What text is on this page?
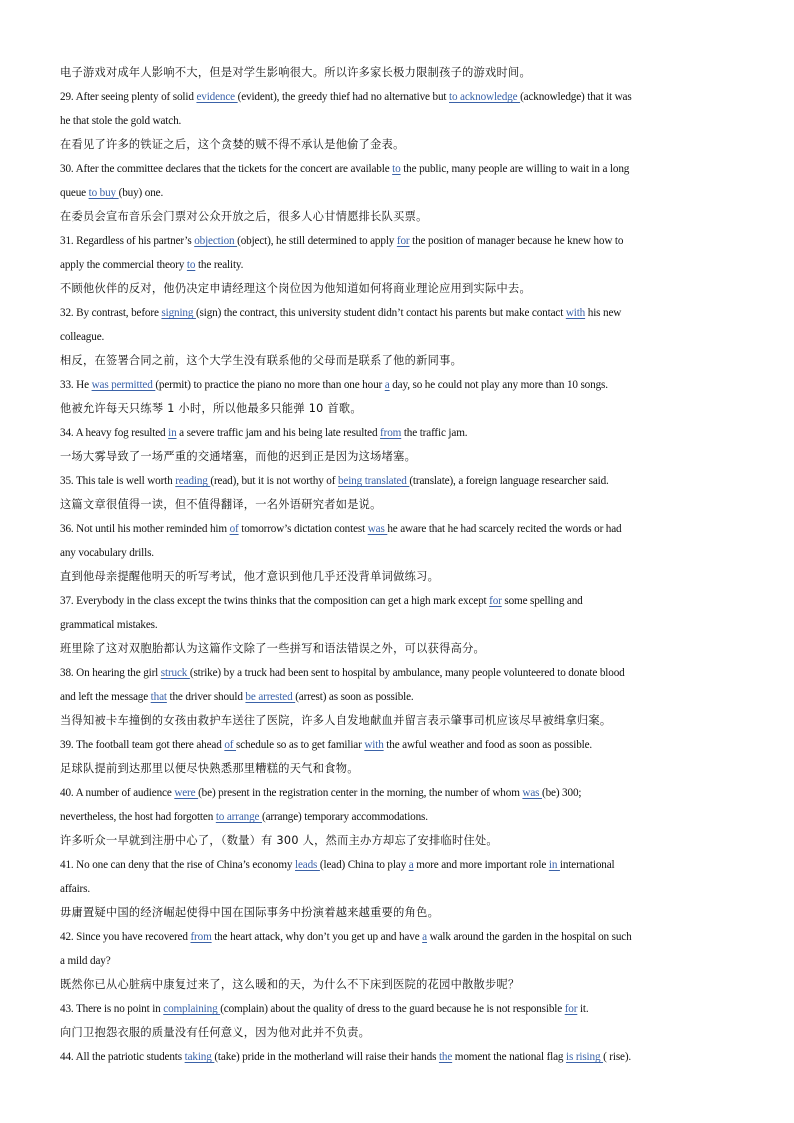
电子游戏对成年人影响不大，但是对学生影响很大。所以许多家长极力限制孩子的游戏时间。
29. After seeing plenty of solid evidence (evident), the greedy thief had no alternative but to acknowledge (acknowledge) that it was
he that stole the gold watch.
在看见了许多的铁证之后，这个贪婪的贼不得不承认是他偷了金表。
30. After the committee declares that the tickets for the concert are available to the public, many people are willing to wait in a long
queue to buy (buy) one.
在委员会宣布音乐会门票对公众开放之后，很多人心甘情愿排长队买票。
31. Regardless of his partner’s objection (object), he still determined to apply for the position of manager because he knew how to
apply the commercial theory to the reality.
不顾他伙伴的反对，他仍决定申请经理这个岗位因为他知道如何将商业理论应用到实际中去。
32. By contrast, before signing (sign) the contract, this university student didn’t contact his parents but make contact with his new
colleague.
相反，在签署合同之前，这个大学生没有联系他的父母而是联系了他的新同事。
33. He was permitted (permit) to practice the piano no more than one hour a day, so he could not play any more than 10 songs.
他被允许每天只练琴 1 小时，所以他最多只能弹 10 首歌。
34. A heavy fog resulted in a severe traffic jam and his being late resulted from the traffic jam.
一场大雾导致了一场严重的交通堵塞，而他的迟到正是因为这场堵塞。
35. This tale is well worth reading (read), but it is not worthy of being translated (translate), a foreign language researcher said.
这篇文章很值得一读，但不值得翻译，一名外语研究者如是说。
36. Not until his mother reminded him of tomorrow’s dictation contest was he aware that he had scarcely recited the words or had
any vocabulary drills.
直到他母亲提醒他明天的听写考试，他才意识到他几乎还没背单词做练习。
37. Everybody in the class except the twins thinks that the composition can get a high mark except for some spelling and
grammatical mistakes.
班里除了这对双胞胎都认为这篇作文除了一些拼写和语法错误之外，可以获得高分。
38. On hearing the girl struck (strike) by a truck had been sent to hospital by ambulance, many people volunteered to donate blood
and left the message that the driver should be arrested (arrest) as soon as possible.
当得知被卡车撞倒的女孩由救护车送往了医院，许多人自发地献血并留言表示肇事司机应该尽早被缉拿归案。
39. The football team got there ahead of schedule so as to get familiar with the awful weather and food as soon as possible.
足球队提前到达那里以便尽快熟悉那里糟糕的天气和食物。
40. A number of audience were (be) present in the registration center in the morning, the number of whom was (be) 300;
nevertheless, the host had forgotten to arrange (arrange) temporary accommodations.
许多听众一早就到注册中心了，（数量）有 300 人，然而主办方却忘了安排临时住处。
41. No one can deny that the rise of China’s economy leads (lead) China to play a more and more important role in international
affairs.
毋庸置疑中国的经济崛起使得中国在国际事务中扮演着越来越重要的角色。
42. Since you have recovered from the heart attack, why don’t you get up and have a walk around the garden in the hospital on such
a mild day?
既然你已从心脏病中康复过来了，这么暖和的天，为什么不下床到医院的花园中散散步呢？
43. There is no point in complaining (complain) about the quality of dress to the guard because he is not responsible for it.
向门卫抱怨衣服的质量没有任何意义，因为他对此并不负责。
44. All the patriotic students taking (take) pride in the motherland will raise their hands the moment the national flag is rising ( rise).
